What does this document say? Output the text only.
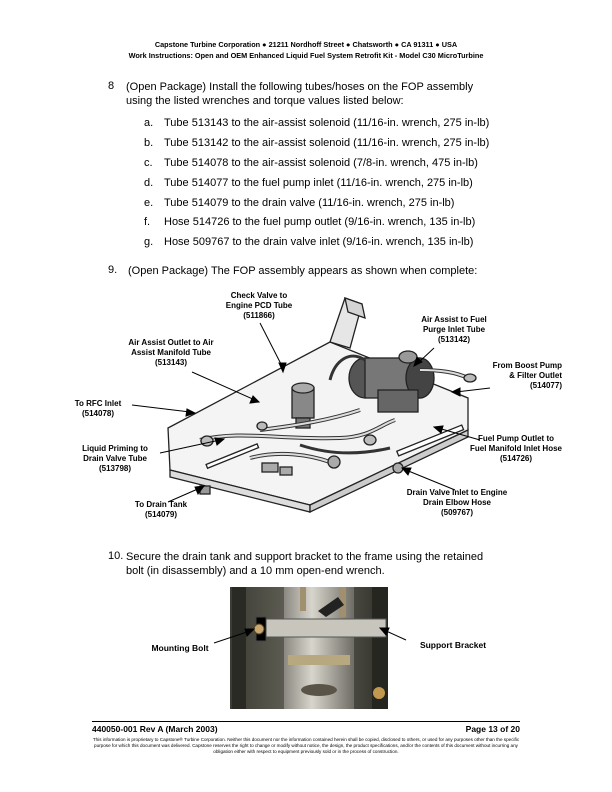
Capstone Turbine Corporation ● 21211 Nordhoff Street ● Chatsworth ● CA 91311 ● USA
Work Instructions: Open and OEM Enhanced Liquid Fuel System Retrofit Kit - Model C30 MicroTurbine
8 (Open Package) Install the following tubes/hoses on the FOP assembly
using the listed wrenches and torque values listed below:
a. Tube 513143 to the air-assist solenoid (11/16-in. wrench, 275 in-lb)
b. Tube 513142 to the air-assist solenoid (11/16-in. wrench, 275 in-lb)
c. Tube 514078 to the air-assist solenoid (7/8-in. wrench, 475 in-lb)
d. Tube 514077 to the fuel pump inlet (11/16-in. wrench, 275 in-lb)
e. Tube 514079 to the drain valve (11/16-in. wrench, 275 in-lb)
f. Hose 514726 to the fuel pump outlet (9/16-in. wrench, 135 in-lb)
g. Hose 509767 to the drain valve inlet (9/16-in. wrench, 135 in-lb)
9. (Open Package) The FOP assembly appears as shown when complete:
Check Valve to
Engine PCD Tube
(511866)
Air Assist Outlet to Air
Assist Manifold Tube
(513143)
Air Assist to Fuel
Purge Inlet Tube
(513142)
From Boost Pump
& Filter Outlet
(514077)
To RFC Inlet
(514078)
Liquid Priming to
Drain Valve Tube
(513798)
Fuel Pump Outlet to
Fuel Manifold Inlet Hose
(514726)
To Drain Tank
(514079)
Drain Valve Inlet to Engine
Drain Elbow Hose
(509767)
10. Secure the drain tank and support bracket to the frame using the retained
bolt (in disassembly) and a 10 mm open-end wrench.
Mounting Bolt	Support Bracket
440050-001 Rev A (March 2003)	Page 13 of 20
This information is proprietary to Capstone® Turbine Corporation. Neither this document nor the information contained herein shall be copied, disclosed to others, or used for any purposes other than the specific purpose for which this document was delivered. Capstone reserves the right to change or modify without notice, the design, the product specifications, and/or the contents of this document without incurring any obligation either with respect to equipment previously sold or in the process of construction.
